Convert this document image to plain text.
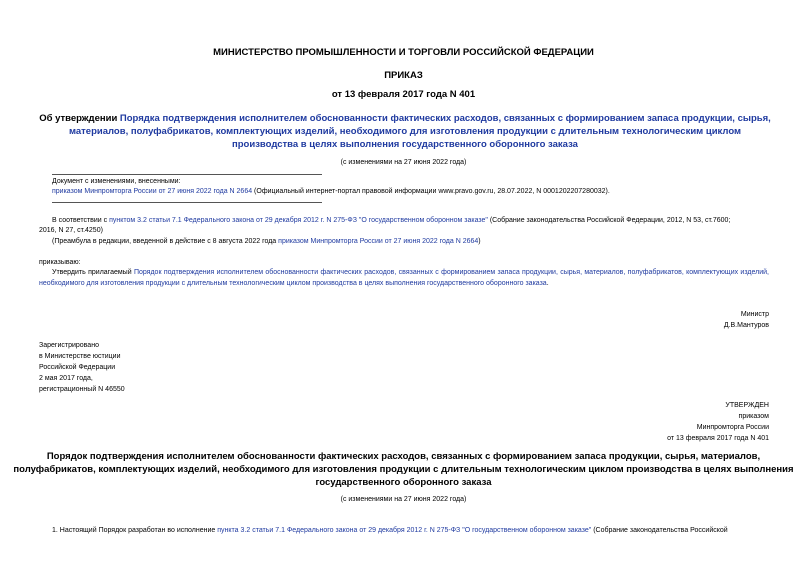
МИНИСТЕРСТВО ПРОМЫШЛЕННОСТИ И ТОРГОВЛИ РОССИЙСКОЙ ФЕДЕРАЦИИ
ПРИКАЗ
от 13 февраля 2017 года N 401
Об утверждении Порядка подтверждения исполнителем обоснованности фактических расходов, связанных с формированием запаса продукции, сырья, материалов, полуфабрикатов, комплектующих изделий, необходимого для изготовления продукции с длительным технологическим циклом производства в целях выполнения государственного оборонного заказа
(с изменениями на 27 июня 2022 года)
Документ с изменениями, внесенными:
приказом Минпромторга России от 27 июня 2022 года N 2664 (Официальный интернет-портал правовой информации www.pravo.gov.ru, 28.07.2022, N 0001202207280032).
В соответствии с пунктом 3.2 статьи 7.1 Федерального закона от 29 декабря 2012 г. N 275-ФЗ "О государственном оборонном заказе" (Собрание законодательства Российской Федерации, 2012, N 53, ст.7600;
2016, N 27, ст.4250)
(Преамбула в редакции, введенной в действие с 8 августа 2022 года приказом Минпромторга России от 27 июня 2022 года N 2664)
приказываю:
Утвердить прилагаемый Порядок подтверждения исполнителем обоснованности фактических расходов, связанных с формированием запаса продукции, сырья, материалов, полуфабрикатов, комплектующих изделий, необходимого для изготовления продукции с длительным технологическим циклом производства в целях выполнения государственного оборонного заказа.
Министр
Д.В.Мантуров
Зарегистрировано
в Министерстве юстиции
Российской Федерации
2 мая 2017 года,
регистрационный N 46550
УТВЕРЖДЕН
приказом
Минпромторга России
от 13 февраля 2017 года N 401
Порядок подтверждения исполнителем обоснованности фактических расходов, связанных с формированием запаса продукции, сырья, материалов,
полуфабрикатов, комплектующих изделий, необходимого для изготовления продукции с длительным технологическим циклом производства в целях выполнения
государственного оборонного заказа
(с изменениями на 27 июня 2022 года)
1. Настоящий Порядок разработан во исполнение пункта 3.2 статьи 7.1 Федерального закона от 29 декабря 2012 г. N 275-ФЗ "О государственном оборонном заказе" (Собрание законодательства Российской
